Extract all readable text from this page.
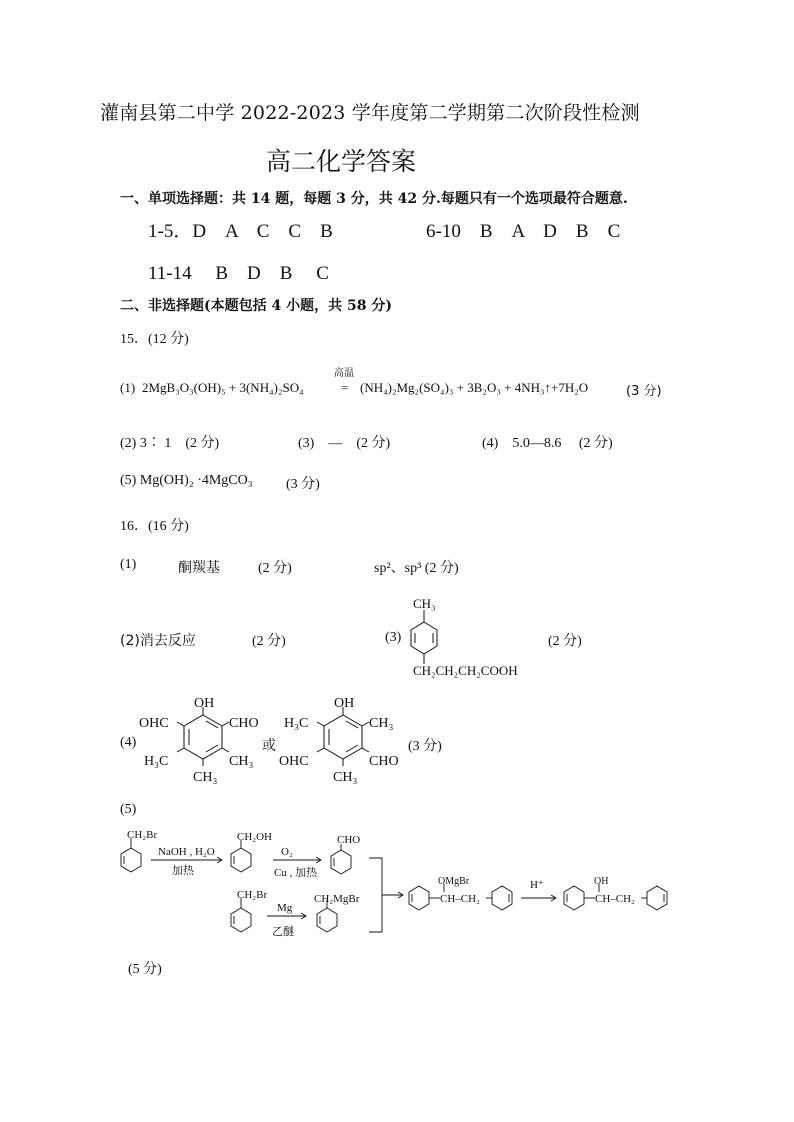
灌南县第二中学 2022-2023 学年度第二学期第二次阶段性检测
高二化学答案
一、单项选择题：共 14 题，每题 3 分，共 42 分.每题只有一个选项最符合题意.
1-5．D　A　C　C　B	6-10　B　A　D　B　C
11-14　 B　D　B　 C
二、非选择题(本题包括 4 小题，共 58 分)
15．(12 分)
高温
(1) 2MgB₃O₃(OH)₅ + 3(NH₄)₂SO₄	= (NH₄)₂Mg₂(SO₄)₃ + 3B₂O₃ + 4NH₃↑+7H₂O	(3 分)
(2) 3∶ 1　(2 分)	(3)　—　(2 分)	(4)　5.0—8.6　 (2 分)
(5) Mg(OH)₂ ·4MgCO₃ (3 分)
16．(16 分)
(1)	酮羰基	(2 分)	sp²、sp³ (2 分)
(2)消去反应	(2 分)	(3)	(2 分)
(4)	或	(3 分)
(5)
(5 分)
CH₃
CH₂CH₂CH₂COOH
OH
OHC	CHO
H₃C	CH₃
CH₃
OH
H₃C	CH₃
OHC	CHO
CH₃
CH₂Br
NaOH , H₂O
加热
CH₂OH
O₂
Cu , 加热
CHO
CH₂Br
Mg
乙醚
CH₂MgBr
OMgBr
CH–CH₂
H⁺	OH
CH–CH₂
